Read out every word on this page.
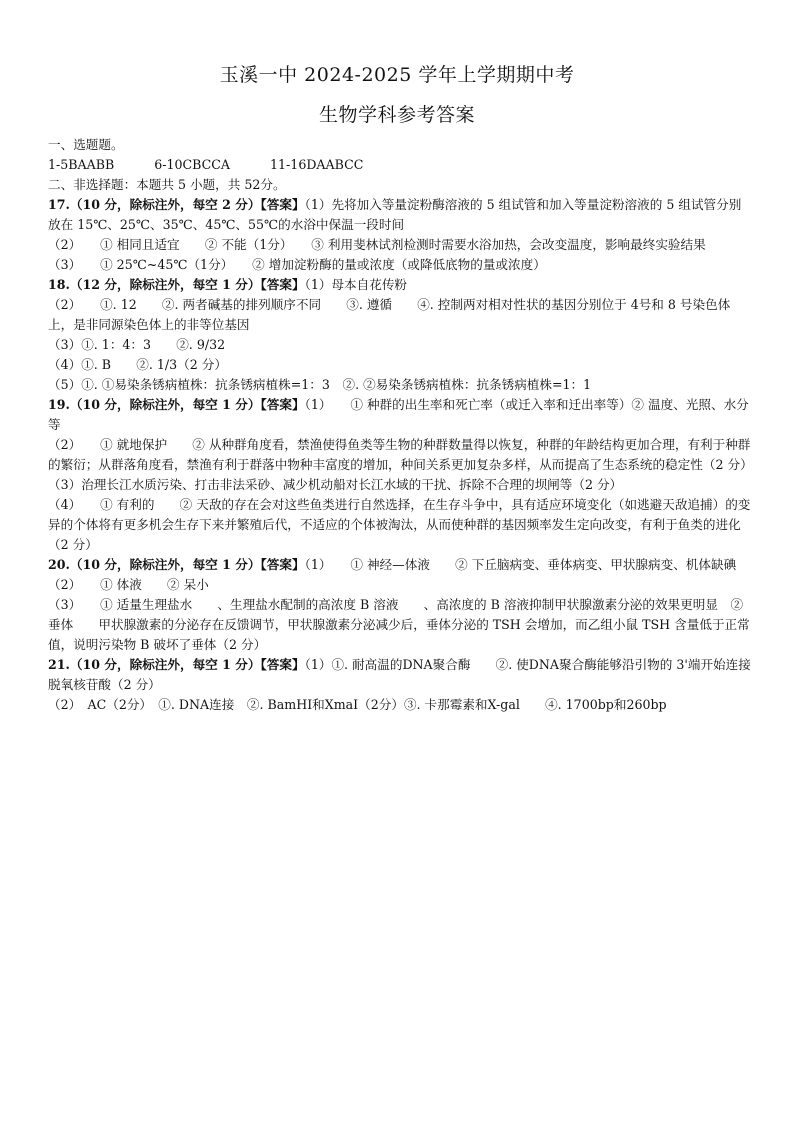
玉溪一中 2024-2025 学年上学期期中考
生物学科参考答案

一、选题题。

1-5BAABB	6-10CBCCA	11-16DAABCC

二、非选择题：本题共 5 小题，共 52分。

17.（10 分，除标注外，每空 2 分）【答案】（1）先将加入等量淀粉酶溶液的 5 组试管和加入等量淀粉溶液的 5 组试管分别放在 15℃、25℃、35℃、45℃、55℃的水浴中保温一段时间

（2）　　① 相同且适宜　　② 不能（1分）　　③ 利用斐林试剂检测时需要水浴加热，会改变温度，影响最终实验结果

（3）　　① 25℃~45℃（1分）　　② 增加淀粉酶的量或浓度（或降低底物的量或浓度）

18.（12 分，除标注外，每空 1 分）【答案】（1）母本自花传粉

（2）　　①. 12　　②. 两者碱基的排列顺序不同　　③. 遵循　　④. 控制两对相对性状的基因分别位于 4号和 8 号染色体上，是非同源染色体上的非等位基因

（3）①. 1：4：3　　②. 9/32

（4）①. B　　②. 1/3（2 分）

（5）①. ①易染条锈病植株：抗条锈病植株=1：3　②. ②易染条锈病植株：抗条锈病植株=1：1

19.（10 分，除标注外，每空 1 分）【答案】（1）　　① 种群的出生率和死亡率（或迁入率和迁出率等）② 温度、光照、水分等

（2）　　① 就地保护　　② 从种群角度看，禁渔使得鱼类等生物的种群数量得以恢复，种群的年龄结构更加合理，有利于种群的繁衍；从群落角度看，禁渔有利于群落中物种丰富度的增加，种间关系更加复杂多样，从而提高了生态系统的稳定性（2 分）

（3）治理长江水质污染、打击非法采砂、减少机动船对长江水域的干扰、拆除不合理的坝闸等（2 分）

（4）　　① 有利的　　② 天敌的存在会对这些鱼类进行自然选择，在生存斗争中，具有适应环境变化（如逃避天敌追捕）的变异的个体将有更多机会生存下来并繁殖后代，不适应的个体被淘汰，从而使种群的基因频率发生定向改变，有利于鱼类的进化（2 分）

20.（10 分，除标注外，每空 1 分）【答案】（1）　　① 神经—体液　　② 下丘脑病变、垂体病变、甲状腺病变、机体缺碘

（2）　　① 体液　　② 呆小

（3）　　① 适量生理盐水　　、生理盐水配制的高浓度 B 溶液　　、高浓度的 B 溶液抑制甲状腺激素分泌的效果更明显　② 垂体　　甲状腺激素的分泌存在反馈调节，甲状腺激素分泌减少后，垂体分泌的 TSH 会增加，而乙组小鼠 TSH 含量低于正常值，说明污染物 B 破坏了垂体（2 分）

21.（10 分，除标注外，每空 1 分）【答案】（1）①. 耐高温的DNA聚合酶　　②. 使DNA聚合酶能够沿引物的 3'端开始连接脱氧核苷酸（2 分）

（2）　AC（2分）　①. DNA连接　②. BamHⅠ和XmaⅠ（2分）③. 卡那霉素和X-gal　　④. 1700bp和260bp
